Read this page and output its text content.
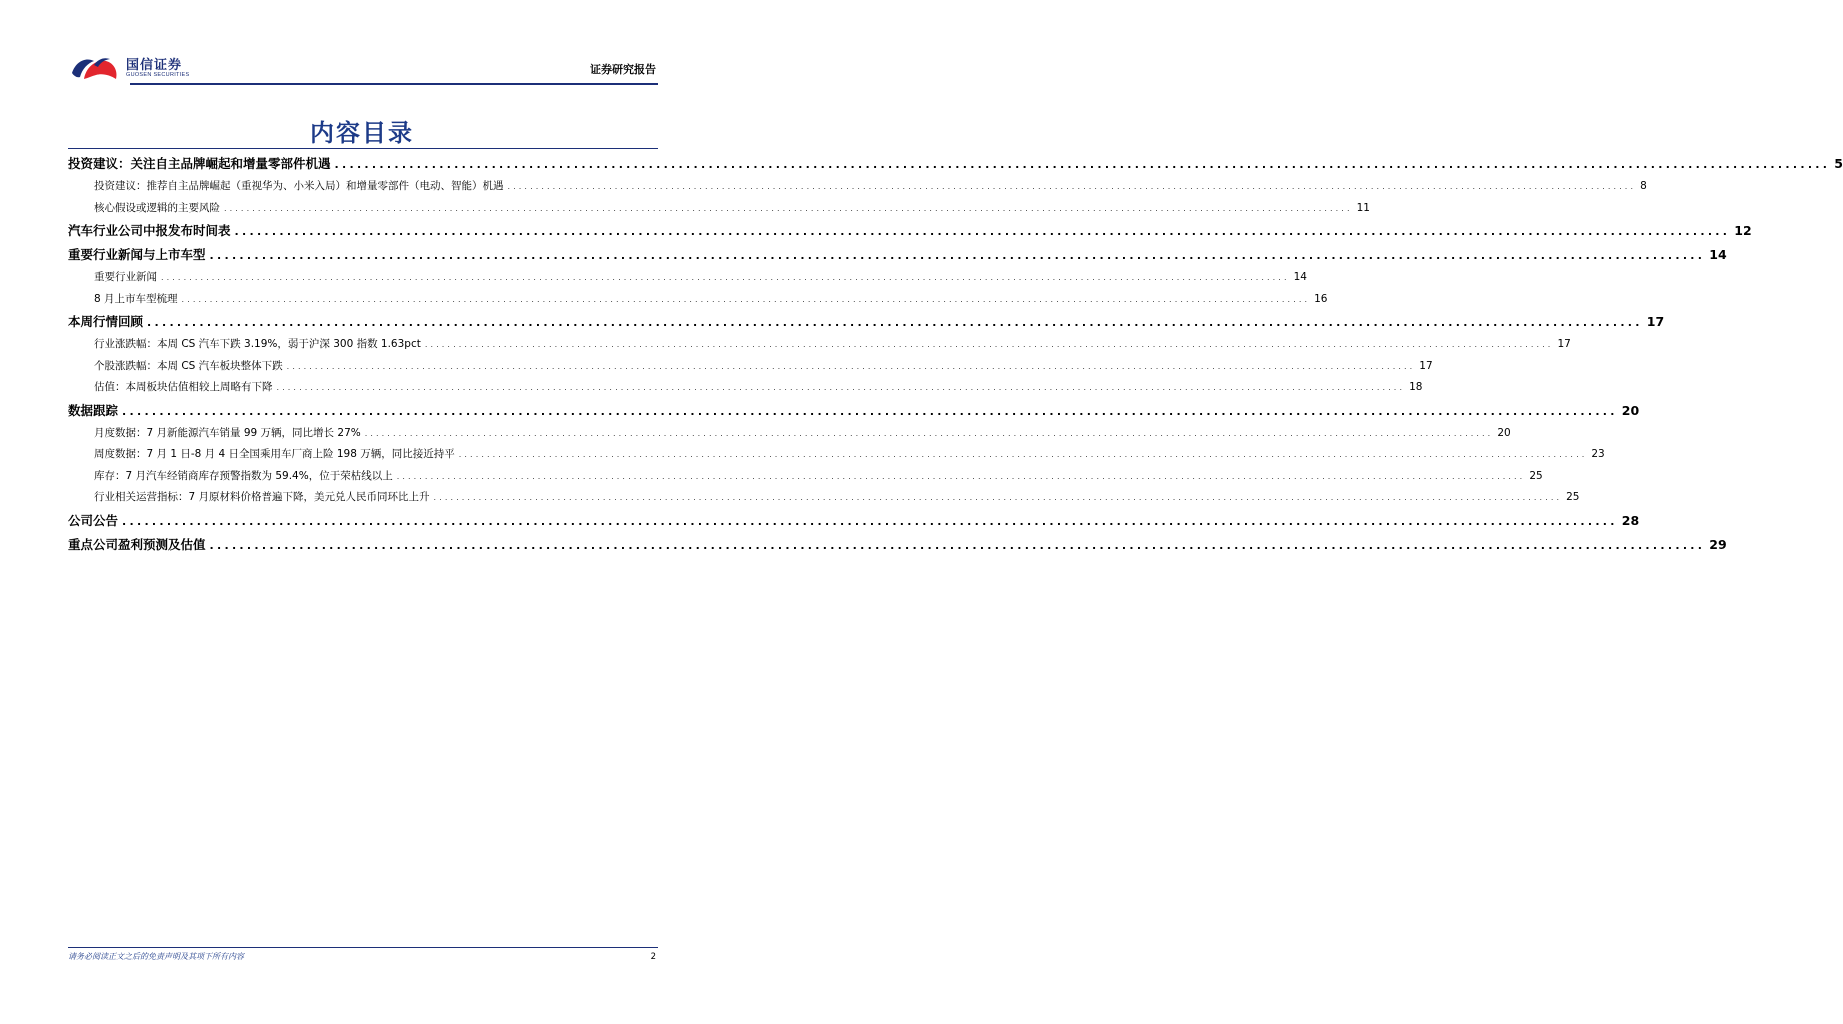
国信证券
GUOSEN SECURITIES	证券研究报告
内容目录
投资建议：关注自主品牌崛起和增量零部件机遇 ........................................................................................................................................................................................................ 5
投资建议：推荐自主品牌崛起（重视华为、小米入局）和增量零部件（电动、智能）机遇 ........................................................................................................................................................................................................ 8
核心假设或逻辑的主要风险 ........................................................................................................................................................................................................ 11
汽车行业公司中报发布时间表 ........................................................................................................................................................................................................ 12
重要行业新闻与上市车型 ........................................................................................................................................................................................................ 14
重要行业新闻 ........................................................................................................................................................................................................ 14
8 月上市车型梳理 ........................................................................................................................................................................................................ 16
本周行情回顾 ........................................................................................................................................................................................................ 17
行业涨跌幅：本周 CS 汽车下跌 3.19%，弱于沪深 300 指数 1.63pct ........................................................................................................................................................................................................ 17
个股涨跌幅：本周 CS 汽车板块整体下跌 ........................................................................................................................................................................................................ 17
估值：本周板块估值相较上周略有下降 ........................................................................................................................................................................................................ 18
数据跟踪 ........................................................................................................................................................................................................ 20
月度数据：7 月新能源汽车销量 99 万辆，同比增长 27% ........................................................................................................................................................................................................ 20
周度数据：7 月 1 日-8 月 4 日全国乘用车厂商上险 198 万辆，同比接近持平 ........................................................................................................................................................................................................ 23
库存：7 月汽车经销商库存预警指数为 59.4%，位于荣枯线以上 ........................................................................................................................................................................................................ 25
行业相关运营指标：7 月原材料价格普遍下降，美元兑人民币同环比上升 ........................................................................................................................................................................................................ 25
公司公告 ........................................................................................................................................................................................................ 28
重点公司盈利预测及估值 ........................................................................................................................................................................................................ 29
请务必阅读正文之后的免责声明及其项下所有内容	2
